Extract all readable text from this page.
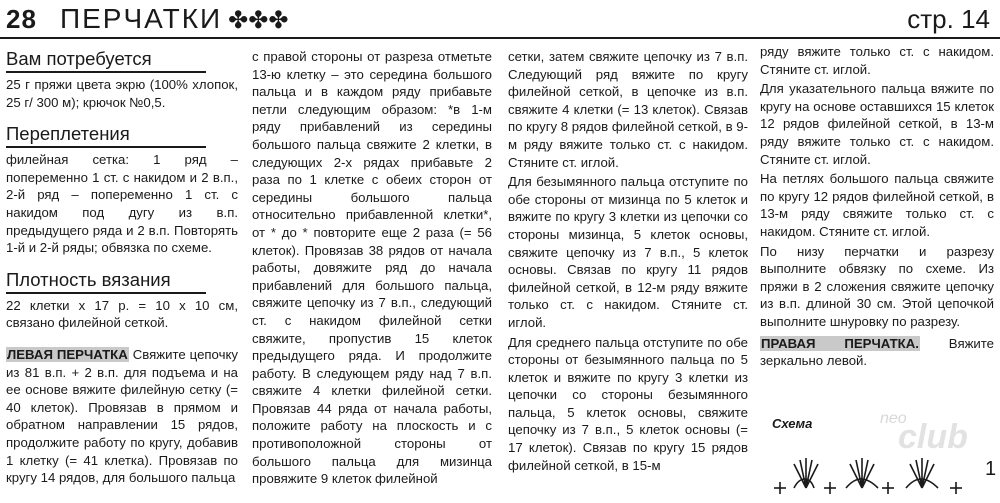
28 ПЕРЧАТКИ ✤✤✤	стр. 14
Вам потребуется

25 г пряжи цвета экрю (100% хлопок, 25 г/ 300 м); крючок №0,5.

Переплетения

филейная сетка: 1 ряд – попеременно 1 ст. с накидом и 2 в.п., 2-й ряд – попеременно 1 ст. с накидом под дугу из в.п. предыдущего ряда и 2 в.п. Повторять 1-й и 2-й ряды; обвязка по схеме.

Плотность вязания

22 клетки x 17 р. = 10 x 10 см, связано филейной сеткой.

ЛЕВАЯ ПЕРЧАТКА Свяжите цепочку из 81 в.п. + 2 в.п. для подъема и на ее основе вяжите филейную сетку (= 40 клеток). Провязав в прямом и обратном направлении 15 рядов, продолжите работу по кругу, добавив 1 клетку (= 41 клетка). Провязав по кругу 14 рядов, для большого пальца

с правой стороны от разреза отметьте 13-ю клетку – это середина большого пальца и в каждом ряду прибавьте петли следующим образом: *в 1-м ряду прибавлений из середины большого пальца свяжите 2 клетки, в следующих 2-х рядах прибавьте 2 раза по 1 клетке с обеих сторон от середины большого пальца относительно прибавленной клетки*, от * до * повторите еще 2 раза (= 56 клеток). Провязав 38 рядов от начала работы, довяжите ряд до начала прибавлений для большого пальца, свяжите цепочку из 7 в.п., следующий ст. с накидом филейной сетки свяжите, пропустив 15 клеток предыдущего ряда. И продолжите работу. В следующем ряду над 7 в.п. свяжите 4 клетки филейной сетки. Провязав 44 ряда от начала работы, положите работу на плоскость и с противоположной стороны от большого пальца для мизинца провяжите 9 клеток филейной

сетки, затем свяжите цепочку из 7 в.п. Следующий ряд вяжите по кругу филейной сеткой, в цепочке из в.п. свяжите 4 клетки (= 13 клеток). Связав по кругу 8 рядов филейной сеткой, в 9-м ряду вяжите только ст. с накидом. Стяните ст. иглой.

Для безымянного пальца отступите по обе стороны от мизинца по 5 клеток и вяжите по кругу 3 клетки из цепочки со стороны мизинца, 5 клеток основы, свяжите цепочку из 7 в.п., 5 клеток основы. Связав по кругу 11 рядов филейной сеткой, в 12-м ряду вяжите только ст. с накидом. Стяните ст. иглой.

Для среднего пальца отступите по обе стороны от безымянного пальца по 5 клеток и вяжите по кругу 3 клетки из цепочки со стороны безымянного пальца, 5 клеток основы, свяжите цепочку из 7 в.п., 5 клеток основы (= 17 клеток). Связав по кругу 15 рядов филейной сеткой, в 15-м

ряду вяжите только ст. с накидом. Стяните ст. иглой.

Для указательного пальца вяжите по кругу на основе оставшихся 15 клеток 12 рядов филейной сеткой, в 13-м ряду вяжите только ст. с накидом. Стяните ст. иглой.

На петлях большого пальца свяжите по кругу 12 рядов филейной сеткой, в 13-м ряду свяжите только ст. с накидом. Стяните ст. иглой.

По низу перчатки и разрезу выполните обвязку по схеме. Из пряжи в 2 сложения свяжите цепочку из в.п. длиной 30 см. Этой цепочкой выполните шнуровку по разрезу.

ПРАВАЯ ПЕРЧАТКА. Вяжите зеркально левой.

Схема	neo
club
1
